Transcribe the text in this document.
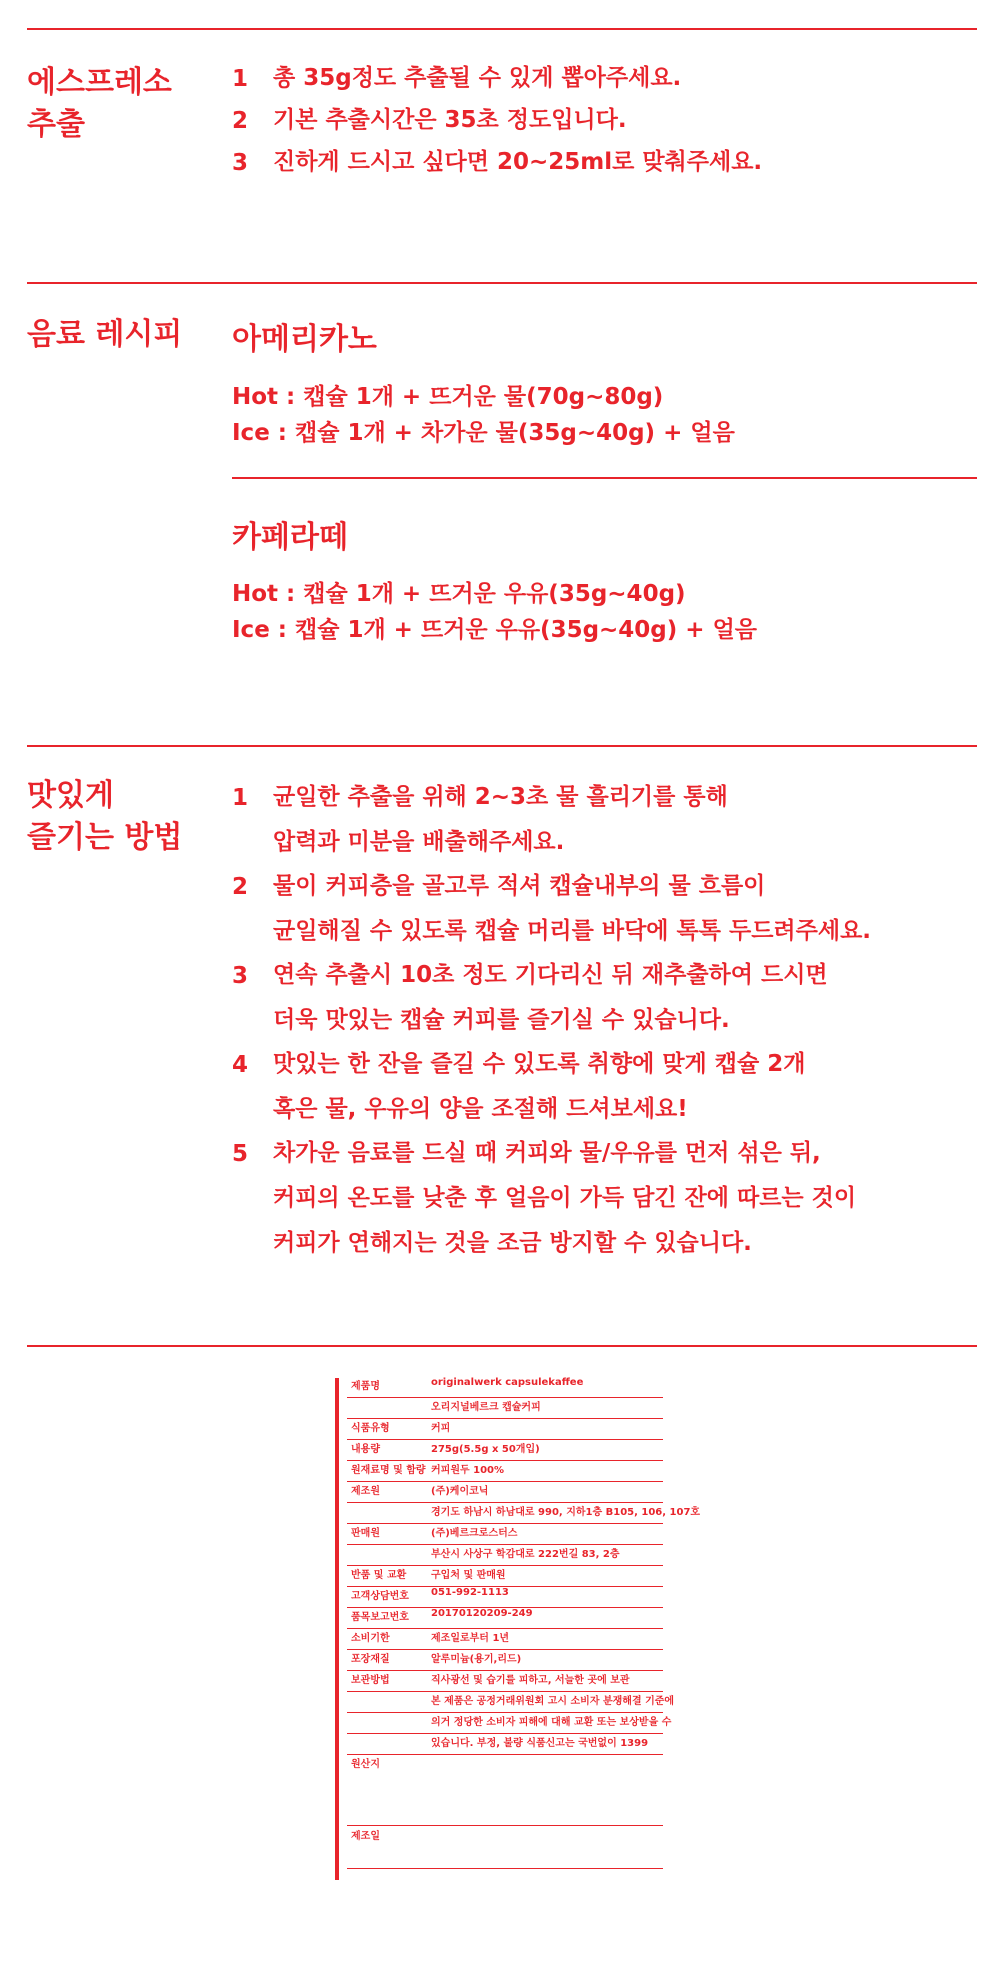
에스프레소
추출
1 총 35g정도 추출될 수 있게 뽑아주세요.
2 기본 추출시간은 35초 정도입니다.
3 진하게 드시고 싶다면 20~25ml로 맞춰주세요.
음료 레시피 아메리카노
Hot : 캡슐 1개 + 뜨거운 물(70g~80g)
Ice : 캡슐 1개 + 차가운 물(35g~40g) + 얼음
카페라떼
Hot : 캡슐 1개 + 뜨거운 우유(35g~40g)
Ice : 캡슐 1개 + 뜨거운 우유(35g~40g) + 얼음
맛있게
즐기는 방법
1 균일한 추출을 위해 2~3초 물 흘리기를 통해
압력과 미분을 배출해주세요.
2 물이 커피층을 골고루 적셔 캡슐내부의 물 흐름이
균일해질 수 있도록 캡슐 머리를 바닥에 톡톡 두드려주세요.
3 연속 추출시 10초 정도 기다리신 뒤 재추출하여 드시면
더욱 맛있는 캡슐 커피를 즐기실 수 있습니다.
4 맛있는 한 잔을 즐길 수 있도록 취향에 맞게 캡슐 2개
혹은 물, 우유의 양을 조절해 드셔보세요!
5 차가운 음료를 드실 때 커피와 물/우유를 먼저 섞은 뒤,
커피의 온도를 낮춘 후 얼음이 가득 담긴 잔에 따르는 것이
커피가 연해지는 것을 조금 방지할 수 있습니다.
제품명	originalwerk capsulekaffee
오리지널베르크 캡슐커피
식품유형	커피
내용량	275g(5.5g x 50개입)
원재료명 및 함량 커피원두 100%
제조원	(주)케이코닉
경기도 하남시 하남대로 990, 지하1층 B105, 106, 107호
판매원	(주)베르크로스터스
부산시 사상구 학감대로 222번길 83, 2층
반품 및 교환 구입처 및 판매원
고객상담번호 051-992-1113
품목보고번호 20170120209-249
소비기한	제조일로부터 1년
포장재질	알루미늄(용기,리드)
보관방법	직사광선 및 습기를 피하고, 서늘한 곳에 보관
본 제품은 공정거래위원회 고시 소비자 분쟁해결 기준에
의거 정당한 소비자 피해에 대해 교환 또는 보상받을 수
있습니다. 부정, 불량 식품신고는 국번없이 1399
원산지
제조일
